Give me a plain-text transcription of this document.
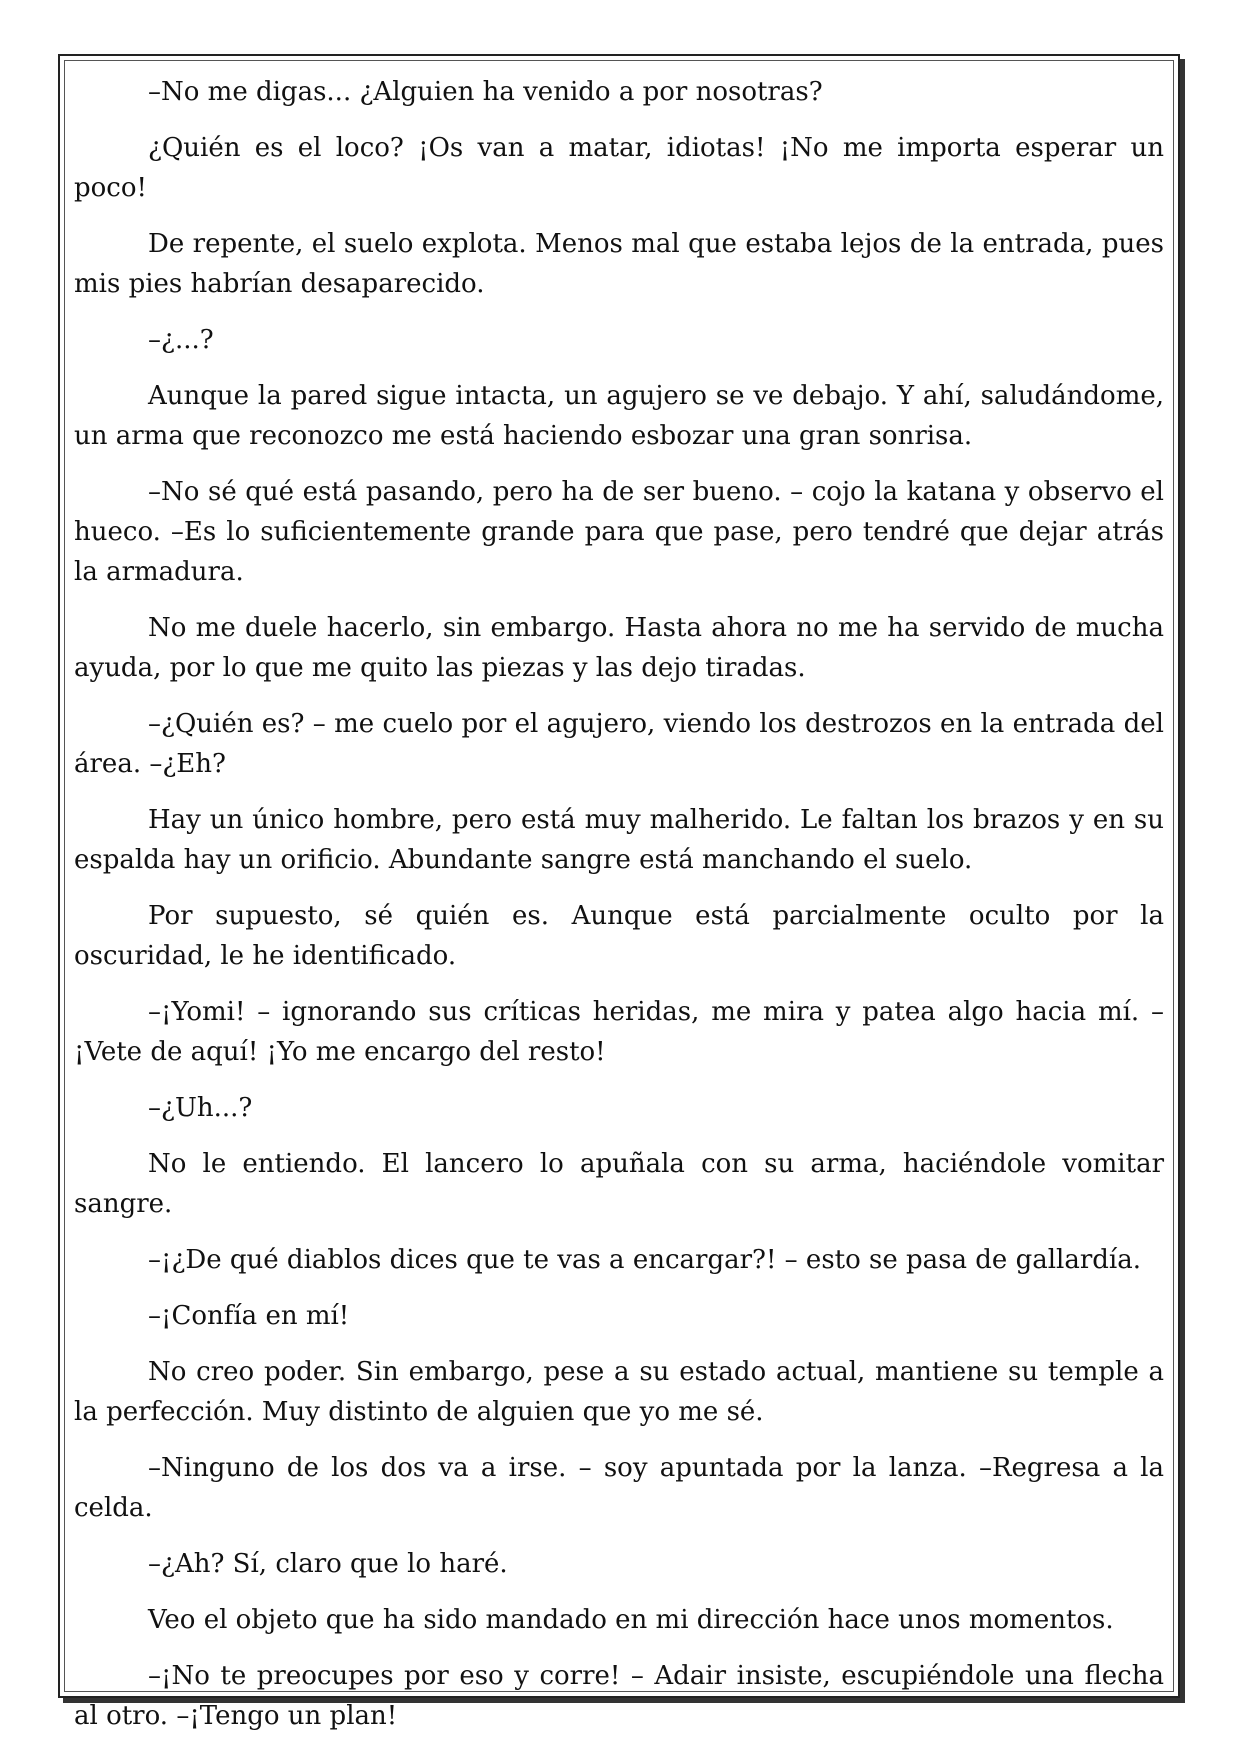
–No me digas... ¿Alguien ha venido a por nosotras?

¿Quién es el loco? ¡Os van a matar, idiotas! ¡No me importa esperar un poco!

De repente, el suelo explota. Menos mal que estaba lejos de la entrada, pues mis pies habrían desaparecido.

–¿...?

Aunque la pared sigue intacta, un agujero se ve debajo. Y ahí, saludándome, un arma que reconozco me está haciendo esbozar una gran sonrisa.

–No sé qué está pasando, pero ha de ser bueno. – cojo la katana y observo el hueco. –Es lo suficientemente grande para que pase, pero tendré que dejar atrás la armadura.

No me duele hacerlo, sin embargo. Hasta ahora no me ha servido de mucha ayuda, por lo que me quito las piezas y las dejo tiradas.

–¿Quién es? – me cuelo por el agujero, viendo los destrozos en la entrada del área. –¿Eh?

Hay un único hombre, pero está muy malherido. Le faltan los brazos y en su espalda hay un orificio. Abundante sangre está manchando el suelo.

Por supuesto, sé quién es. Aunque está parcialmente oculto por la oscuridad, le he identificado.

–¡Yomi! – ignorando sus críticas heridas, me mira y patea algo hacia mí. –¡Vete de aquí! ¡Yo me encargo del resto!

–¿Uh...?

No le entiendo. El lancero lo apuñala con su arma, haciéndole vomitar sangre.

–¡¿De qué diablos dices que te vas a encargar?! – esto se pasa de gallardía.

–¡Confía en mí!

No creo poder. Sin embargo, pese a su estado actual, mantiene su temple a la perfección. Muy distinto de alguien que yo me sé.

–Ninguno de los dos va a irse. – soy apuntada por la lanza. –Regresa a la celda.

–¿Ah? Sí, claro que lo haré.

Veo el objeto que ha sido mandado en mi dirección hace unos momentos.

–¡No te preocupes por eso y corre! – Adair insiste, escupiéndole una flecha al otro. –¡Tengo un plan!
